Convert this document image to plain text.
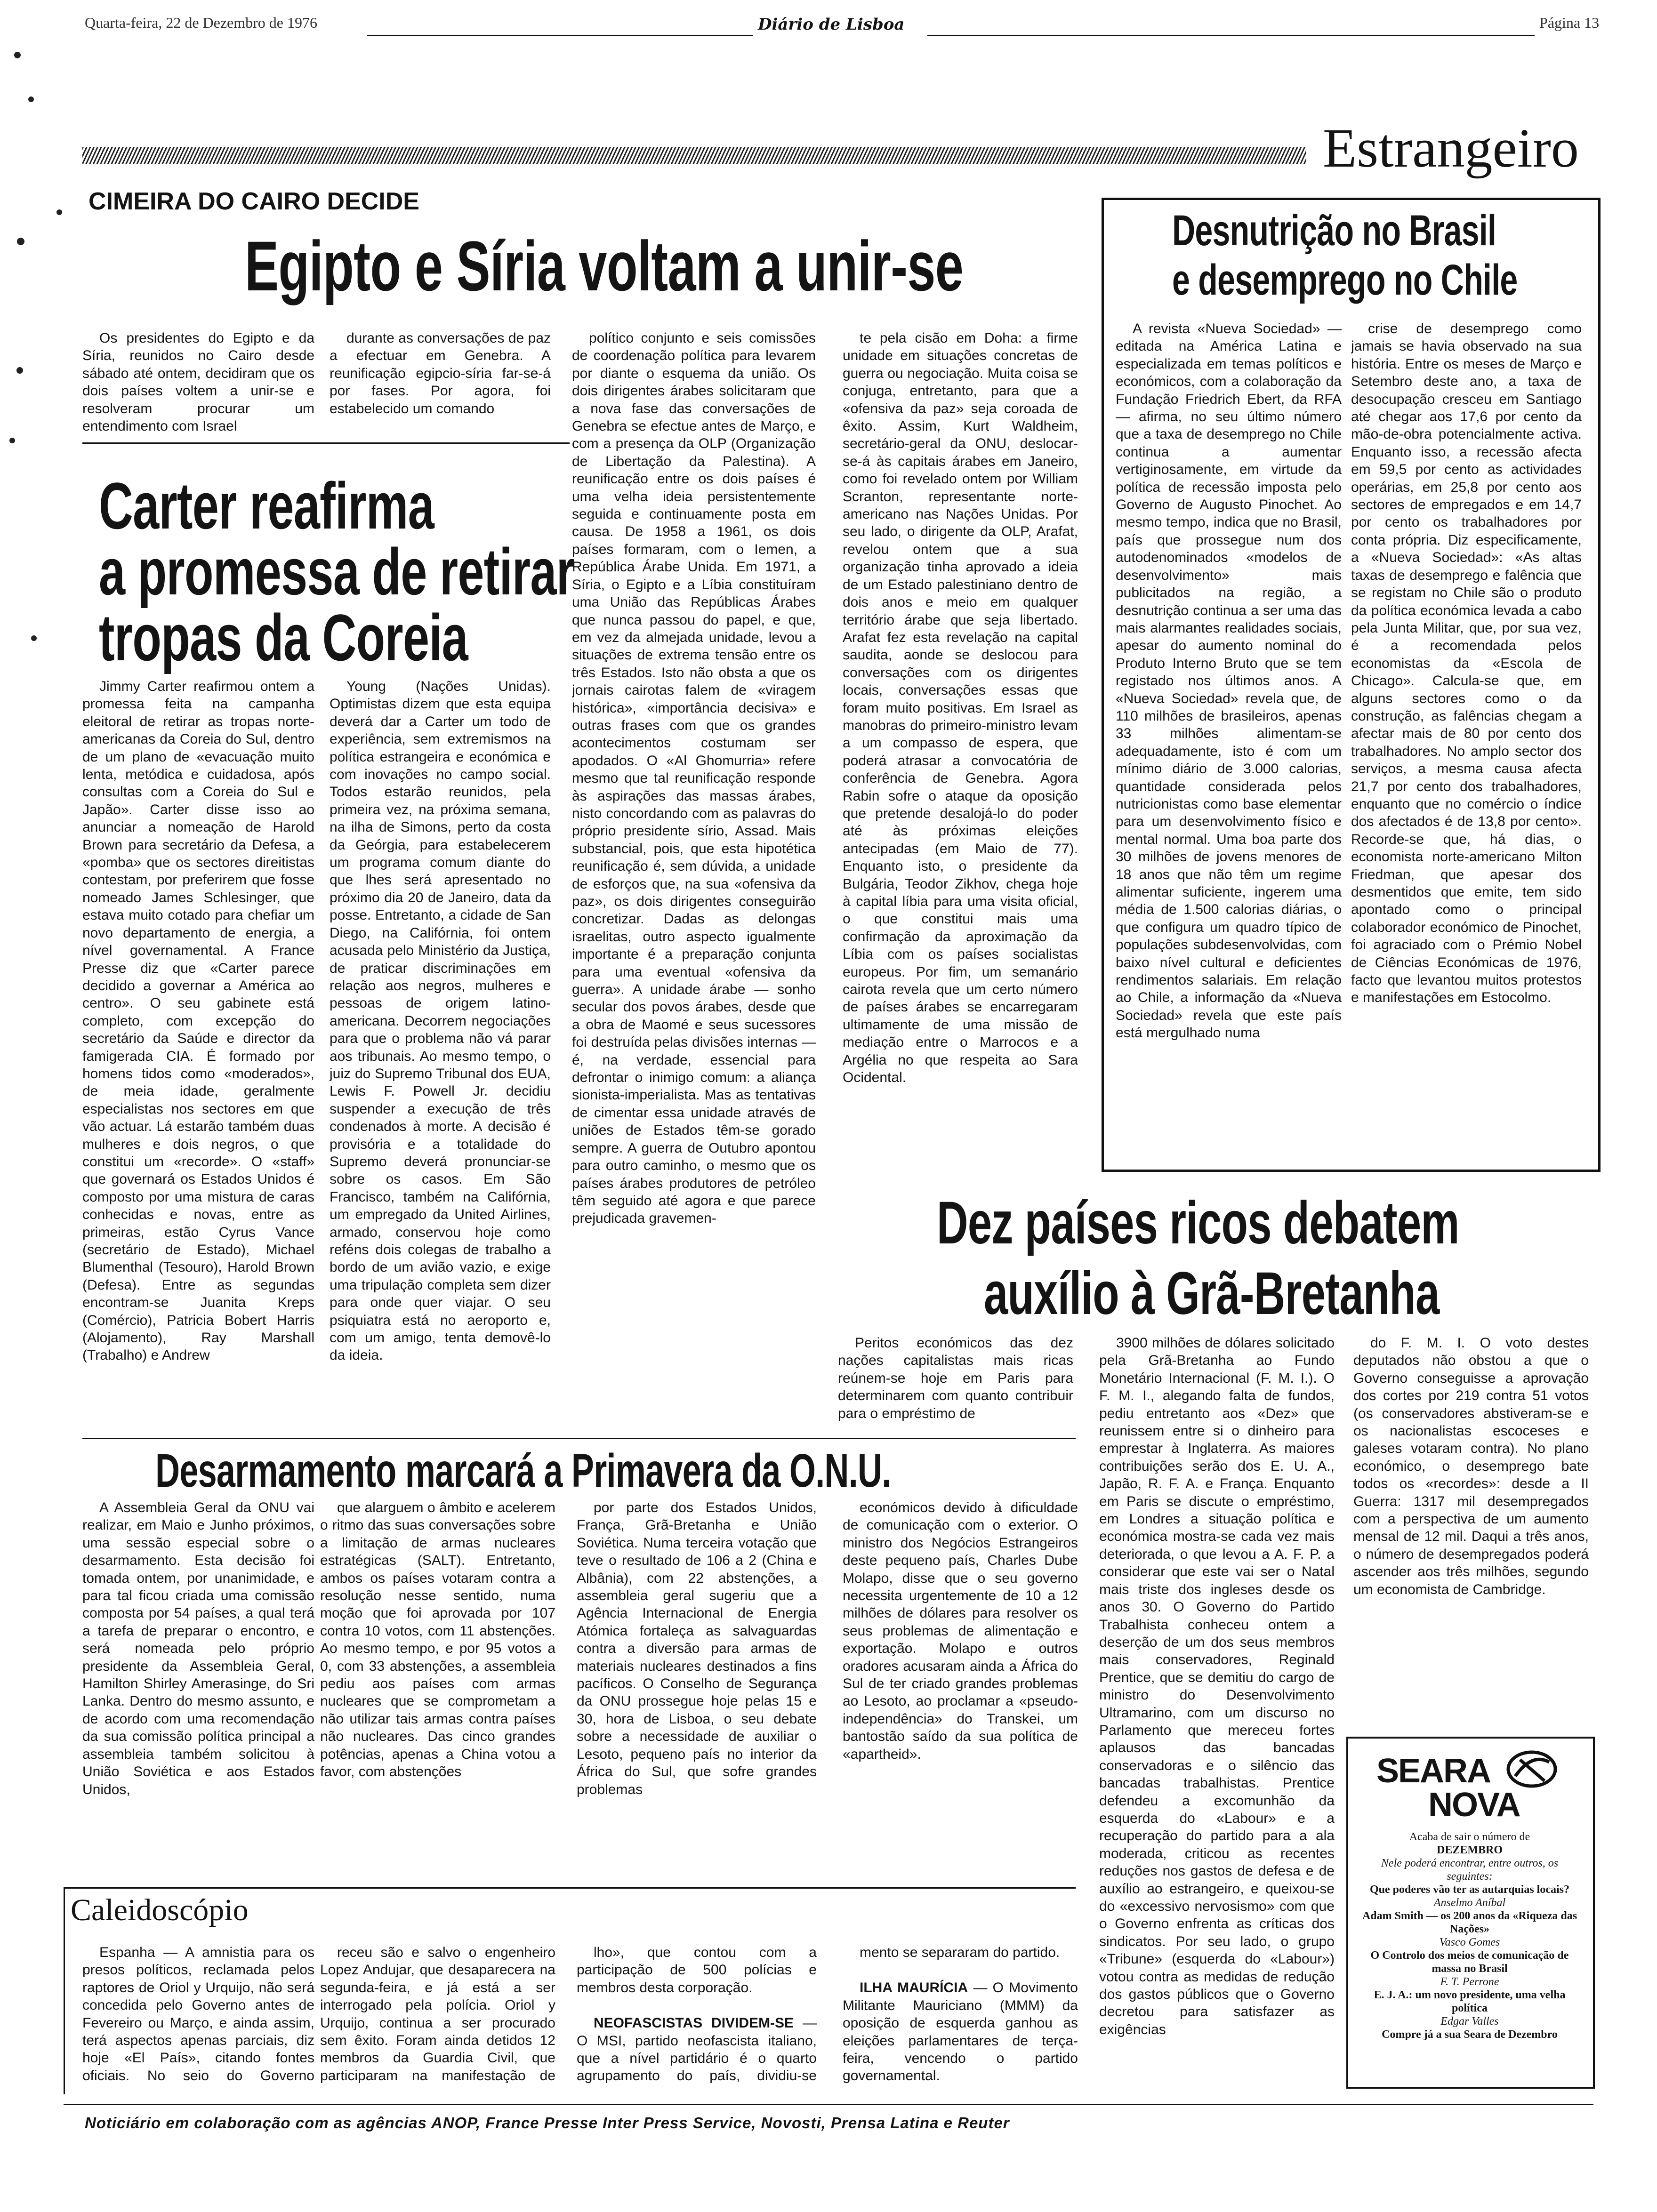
Quarta-feira, 22 de Dezembro de 1976	Diário de Lisboa	Página 13
Estrangeiro
CIMEIRA DO CAIRO DECIDE
Egipto e Síria voltam a unir-se

Os presidentes do Egipto e da Síria, reunidos no Cairo desde sábado até ontem, decidiram que os dois países voltem a unir-se e resolveram procurar um entendimento com Israel

durante as conversações de paz a efectuar em Genebra. A reunificação egipcio-síria far-se-á por fases. Por agora, foi estabelecido um comando

político conjunto e seis comissões de coordenação política para levarem por diante o esquema da união. Os dois dirigentes árabes solicitaram que a nova fase das conversações de Genebra se efectue antes de Março, e com a presença da OLP (Organização de Libertação da Palestina). A reunificação entre os dois países é uma velha ideia persistentemente seguida e continuamente posta em causa. De 1958 a 1961, os dois países formaram, com o Iemen, a República Árabe Unida. Em 1971, a Síria, o Egipto e a Líbia constituíram uma União das Repúblicas Árabes que nunca passou do papel, e que, em vez da almejada unidade, levou a situações de extrema tensão entre os três Estados. Isto não obsta a que os jornais cairotas falem de «viragem histórica», «importância decisiva» e outras frases com que os grandes acontecimentos costumam ser apodados. O «Al Ghomurria» refere mesmo que tal reunificação responde às aspirações das massas árabes, nisto concordando com as palavras do próprio presidente sírio, Assad. Mais substancial, pois, que esta hipotética reunificação é, sem dúvida, a unidade de esforços que, na sua «ofensiva da paz», os dois dirigentes conseguirão concretizar. Dadas as delongas israelitas, outro aspecto igualmente importante é a preparação conjunta para uma eventual «ofensiva da guerra». A unidade árabe — sonho secular dos povos árabes, desde que a obra de Maomé e seus sucessores foi destruída pelas divisões internas — é, na verdade, essencial para defrontar o inimigo comum: a aliança sionista-imperialista. Mas as tentativas de cimentar essa unidade através de uniões de Estados têm-se gorado sempre. A guerra de Outubro apontou para outro caminho, o mesmo que os países árabes produtores de petróleo têm seguido até agora e que parece prejudicada gravemen-

te pela cisão em Doha: a firme unidade em situações concretas de guerra ou negociação. Muita coisa se conjuga, entretanto, para que a «ofensiva da paz» seja coroada de êxito. Assim, Kurt Waldheim, secretário-geral da ONU, deslocar-se-á às capitais árabes em Janeiro, como foi revelado ontem por William Scranton, representante norte-americano nas Nações Unidas. Por seu lado, o dirigente da OLP, Arafat, revelou ontem que a sua organização tinha aprovado a ideia de um Estado palestiniano dentro de dois anos e meio em qualquer território árabe que seja libertado. Arafat fez esta revelação na capital saudita, aonde se deslocou para conversações com os dirigentes locais, conversações essas que foram muito positivas. Em Israel as manobras do primeiro-ministro levam a um compasso de espera, que poderá atrasar a convocatória de conferência de Genebra. Agora Rabin sofre o ataque da oposição que pretende desalojá-lo do poder até às próximas eleições antecipadas (em Maio de 77). Enquanto isto, o presidente da Bulgária, Teodor Zikhov, chega hoje à capital líbia para uma visita oficial, o que constitui mais uma confirmação da aproximação da Líbia com os países socialistas europeus. Por fim, um semanário cairota revela que um certo número de países árabes se encarregaram ultimamente de uma missão de mediação entre o Marrocos e a Argélia no que respeita ao Sara Ocidental.

Carter reafirma
a promessa de retirar
tropas da Coreia

Jimmy Carter reafirmou ontem a promessa feita na campanha eleitoral de retirar as tropas norte-americanas da Coreia do Sul, dentro de um plano de «evacuação muito lenta, metódica e cuidadosa, após consultas com a Coreia do Sul e Japão». Carter disse isso ao anunciar a nomeação de Harold Brown para secretário da Defesa, a «pomba» que os sectores direitistas contestam, por preferirem que fosse nomeado James Schlesinger, que estava muito cotado para chefiar um novo departamento de energia, a nível governamental. A France Presse diz que «Carter parece decidido a governar a América ao centro». O seu gabinete está completo, com excepção do secretário da Saúde e director da famigerada CIA. É formado por homens tidos como «moderados», de meia idade, geralmente especialistas nos sectores em que vão actuar. Lá estarão também duas mulheres e dois negros, o que constitui um «recorde». O «staff» que governará os Estados Unidos é composto por uma mistura de caras conhecidas e novas, entre as primeiras, estão Cyrus Vance (secretário de Estado), Michael Blumenthal (Tesouro), Harold Brown (Defesa). Entre as segundas encontram-se Juanita Kreps (Comércio), Patricia Bobert Harris (Alojamento), Ray Marshall (Trabalho) e Andrew

Young (Nações Unidas). Optimistas dizem que esta equipa deverá dar a Carter um todo de experiência, sem extremismos na política estrangeira e económica e com inovações no campo social. Todos estarão reunidos, pela primeira vez, na próxima semana, na ilha de Simons, perto da costa da Geórgia, para estabelecerem um programa comum diante do que lhes será apresentado no próximo dia 20 de Janeiro, data da posse. Entretanto, a cidade de San Diego, na Califórnia, foi ontem acusada pelo Ministério da Justiça, de praticar discriminações em relação aos negros, mulheres e pessoas de origem latino-americana. Decorrem negociações para que o problema não vá parar aos tribunais. Ao mesmo tempo, o juiz do Supremo Tribunal dos EUA, Lewis F. Powell Jr. decidiu suspender a execução de três condenados à morte. A decisão é provisória e a totalidade do Supremo deverá pronunciar-se sobre os casos. Em São Francisco, também na Califórnia, um empregado da United Airlines, armado, conservou hoje como reféns dois colegas de trabalho a bordo de um avião vazio, e exige uma tripulação completa sem dizer para onde quer viajar. O seu psiquiatra está no aeroporto e, com um amigo, tenta demovê-lo da ideia.

Desnutrição no Brasil
e desemprego no Chile

A revista «Nueva Sociedad» — editada na América Latina e especializada em temas políticos e económicos, com a colaboração da Fundação Friedrich Ebert, da RFA — afirma, no seu último número que a taxa de desemprego no Chile continua a aumentar vertiginosamente, em virtude da política de recessão imposta pelo Governo de Augusto Pinochet. Ao mesmo tempo, indica que no Brasil, país que prossegue num dos autodenominados «modelos de desenvolvimento» mais publicitados na região, a desnutrição continua a ser uma das mais alarmantes realidades sociais, apesar do aumento nominal do Produto Interno Bruto que se tem registado nos últimos anos. A «Nueva Sociedad» revela que, de 110 milhões de brasileiros, apenas 33 milhões alimentam-se adequadamente, isto é com um mínimo diário de 3.000 calorias, quantidade considerada pelos nutricionistas como base elementar para um desenvolvimento físico e mental normal. Uma boa parte dos 30 milhões de jovens menores de 18 anos que não têm um regime alimentar suficiente, ingerem uma média de 1.500 calorias diárias, o que configura um quadro típico de populações subdesenvolvidas, com baixo nível cultural e deficientes rendimentos salariais. Em relação ao Chile, a informação da «Nueva Sociedad» revela que este país está mergulhado numa

crise de desemprego como jamais se havia observado na sua história. Entre os meses de Março e Setembro deste ano, a taxa de desocupação cresceu em Santiago até chegar aos 17,6 por cento da mão-de-obra potencialmente activa. Enquanto isso, a recessão afecta em 59,5 por cento as actividades operárias, em 25,8 por cento aos sectores de empregados e em 14,7 por cento os trabalhadores por conta própria. Diz especificamente, a «Nueva Sociedad»: «As altas taxas de desemprego e falência que se registam no Chile são o produto da política económica levada a cabo pela Junta Militar, que, por sua vez, é a recomendada pelos economistas da «Escola de Chicago». Calcula-se que, em alguns sectores como o da construção, as falências chegam a afectar mais de 80 por cento dos trabalhadores. No amplo sector dos serviços, a mesma causa afecta 21,7 por cento dos trabalhadores, enquanto que no comércio o índice dos afectados é de 13,8 por cento». Recorde-se que, há dias, o economista norte-americano Milton Friedman, que apesar dos desmentidos que emite, tem sido apontado como o principal colaborador económico de Pinochet, foi agraciado com o Prémio Nobel de Ciências Económicas de 1976, facto que levantou muitos protestos e manifestações em Estocolmo.

Dez países ricos debatem
auxílio à Grã-Bretanha

Peritos económicos das dez nações capitalistas mais ricas reúnem-se hoje em Paris para determinarem com quanto contribuir para o empréstimo de

3900 milhões de dólares solicitado pela Grã-Bretanha ao Fundo Monetário Internacional (F. M. I.). O F. M. I., alegando falta de fundos, pediu entretanto aos «Dez» que reunissem entre si o dinheiro para emprestar à Inglaterra. As maiores contribuições serão dos E. U. A., Japão, R. F. A. e França. Enquanto em Paris se discute o empréstimo, em Londres a situação política e económica mostra-se cada vez mais deteriorada, o que levou a A. F. P. a considerar que este vai ser o Natal mais triste dos ingleses desde os anos 30. O Governo do Partido Trabalhista conheceu ontem a deserção de um dos seus membros mais conservadores, Reginald Prentice, que se demitiu do cargo de ministro do Desenvolvimento Ultramarino, com um discurso no Parlamento que mereceu fortes aplausos das bancadas conservadoras e o silêncio das bancadas trabalhistas. Prentice defendeu a excomunhão da esquerda do «Labour» e a recuperação do partido para a ala moderada, criticou as recentes reduções nos gastos de defesa e de auxílio ao estrangeiro, e queixou-se do «excessivo nervosismo» com que o Governo enfrenta as críticas dos sindicatos. Por seu lado, o grupo «Tribune» (esquerda do «Labour») votou contra as medidas de redução dos gastos públicos que o Governo decretou para satisfazer as exigências

do F. M. I. O voto destes deputados não obstou a que o Governo conseguisse a aprovação dos cortes por 219 contra 51 votos (os conservadores abstiveram-se e os nacionalistas escoceses e galeses votaram contra). No plano económico, o desemprego bate todos os «recordes»: desde a II Guerra: 1317 mil desempregados com a perspectiva de um aumento mensal de 12 mil. Daqui a três anos, o número de desempregados poderá ascender aos três milhões, segundo um economista de Cambridge.

Desarmamento marcará a Primavera da O.N.U.

A Assembleia Geral da ONU vai realizar, em Maio e Junho próximos, uma sessão especial sobre o desarmamento. Esta decisão foi tomada ontem, por unanimidade, e para tal ficou criada uma comissão composta por 54 países, a qual terá a tarefa de preparar o encontro, e será nomeada pelo próprio presidente da Assembleia Geral, Hamilton Shirley Amerasinge, do Sri Lanka. Dentro do mesmo assunto, e de acordo com uma recomendação da sua comissão política principal a assembleia também solicitou à União Soviética e aos Estados Unidos,

que alarguem o âmbito e acelerem o ritmo das suas conversações sobre a limitação de armas nucleares estratégicas (SALT). Entretanto, ambos os países votaram contra a resolução nesse sentido, numa moção que foi aprovada por 107 contra 10 votos, com 11 abstenções. Ao mesmo tempo, e por 95 votos a 0, com 33 abstenções, a assembleia pediu aos países com armas nucleares que se comprometam a não utilizar tais armas contra países não nucleares. Das cinco grandes potências, apenas a China votou a favor, com abstenções

por parte dos Estados Unidos, França, Grã-Bretanha e União Soviética. Numa terceira votação que teve o resultado de 106 a 2 (China e Albânia), com 22 abstenções, a assembleia geral sugeriu que a Agência Internacional de Energia Atómica fortaleça as salvaguardas contra a diversão para armas de materiais nucleares destinados a fins pacíficos. O Conselho de Segurança da ONU prossegue hoje pelas 15 e 30, hora de Lisboa, o seu debate sobre a necessidade de auxiliar o Lesoto, pequeno país no interior da África do Sul, que sofre grandes problemas

económicos devido à dificuldade de comunicação com o exterior. O ministro dos Negócios Estrangeiros deste pequeno país, Charles Dube Molapo, disse que o seu governo necessita urgentemente de 10 a 12 milhões de dólares para resolver os seus problemas de alimentação e exportação. Molapo e outros oradores acusaram ainda a África do Sul de ter criado grandes problemas ao Lesoto, ao proclamar a «pseudo-independência» do Transkei, um bantostão saído da sua política de «apartheid».

Caleidoscópio

Espanha — A amnistia para os presos políticos, reclamada pelos raptores de Oriol y Urquijo, não será concedida pelo Governo antes de Fevereiro ou Março, e ainda assim, terá aspectos apenas parciais, diz hoje «El País», citando fontes oficiais. No seio do Governo

receu são e salvo o engenheiro Lopez Andujar, que desaparecera na segunda-feira, e já está a ser interrogado pela polícia. Oriol y Urquijo, continua a ser procurado sem êxito. Foram ainda detidos 12 membros da Guardia Civil, que participaram na manifestação de

lho», que contou com a participação de 500 polícias e membros desta corporação.

NEOFASCISTAS DIVIDEM-SE — O MSI, partido neofascista italiano, que a nível partidário é o quarto agrupamento do país, dividiu-se

mento se separaram do partido.

ILHA MAURÍCIA — O Movimento Militante Mauriciano (MMM) da oposição de esquerda ganhou as eleições parlamentares de terça-feira, vencendo o partido governamental.

SEARA
NOVA
Acaba de sair o número de
DEZEMBRO
Nele poderá encontrar, entre outros, os seguintes:
Que poderes vão ter as autarquias locais?
Anselmo Aníbal
Adam Smith — os 200 anos da «Riqueza das Nações»
Vasco Gomes
O Controlo dos meios de comunicação de massa no Brasil
F. T. Perrone
E. J. A.: um novo presidente, uma velha política
Edgar Valles
Compre já a sua Seara de Dezembro
Noticiário em colaboração com as agências ANOP, France Presse Inter Press Service, Novosti, Prensa Latina e Reuter
